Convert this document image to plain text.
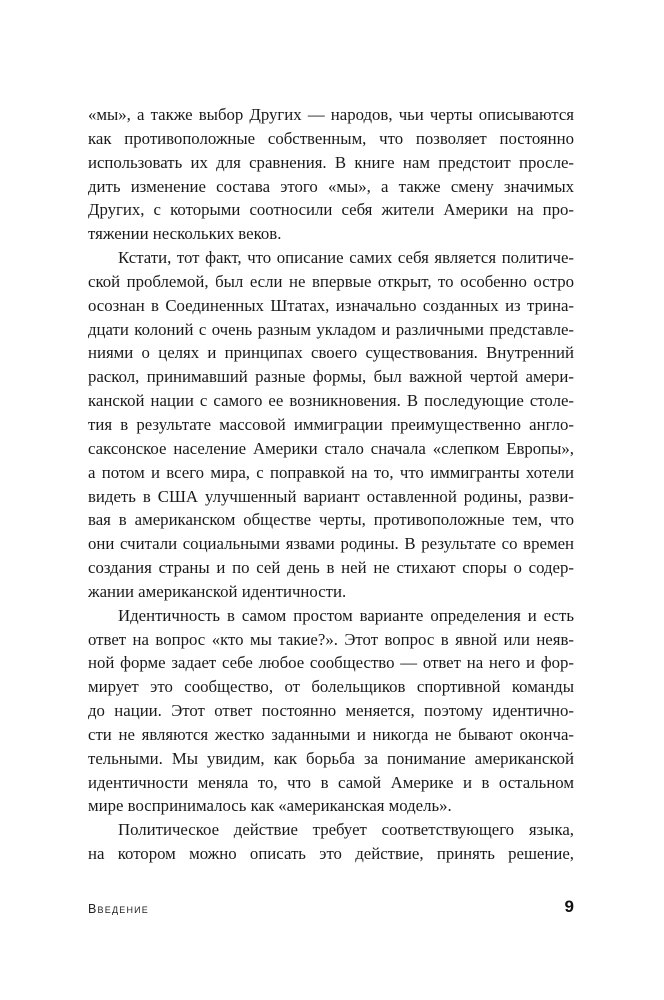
«мы», а также выбор Других — народов, чьи черты описываются
как противоположные собственным, что позволяет постоянно
использовать их для сравнения. В книге нам предстоит просле-
дить изменение состава этого «мы», а также смену значимых
Других, с которыми соотносили себя жители Америки на про-
тяжении нескольких веков.

Кстати, тот факт, что описание самих себя является политиче-
ской проблемой, был если не впервые открыт, то особенно остро
осознан в Соединенных Штатах, изначально созданных из трина-
дцати колоний с очень разным укладом и различными представле-
ниями о целях и принципах своего существования. Внутренний
раскол, принимавший разные формы, был важной чертой амери-
канской нации с самого ее возникновения. В последующие столе-
тия в результате массовой иммиграции преимущественно англо-
саксонское население Америки стало сначала «слепком Европы»,
а потом и всего мира, с поправкой на то, что иммигранты хотели
видеть в США улучшенный вариант оставленной родины, разви-
вая в американском обществе черты, противоположные тем, что
они считали социальными язвами родины. В результате со времен
создания страны и по сей день в ней не стихают споры о содер-
жании американской идентичности.

Идентичность в самом простом варианте определения и есть
ответ на вопрос «кто мы такие?». Этот вопрос в явной или неяв-
ной форме задает себе любое сообщество — ответ на него и фор-
мирует это сообщество, от болельщиков спортивной команды
до нации. Этот ответ постоянно меняется, поэтому идентично-
сти не являются жестко заданными и никогда не бывают оконча-
тельными. Мы увидим, как борьба за понимание американской
идентичности меняла то, что в самой Америке и в остальном
мире воспринималось как «американская модель».

Политическое действие требует соответствующего языка,
на котором можно описать это действие, принять решение,

Введение	9
